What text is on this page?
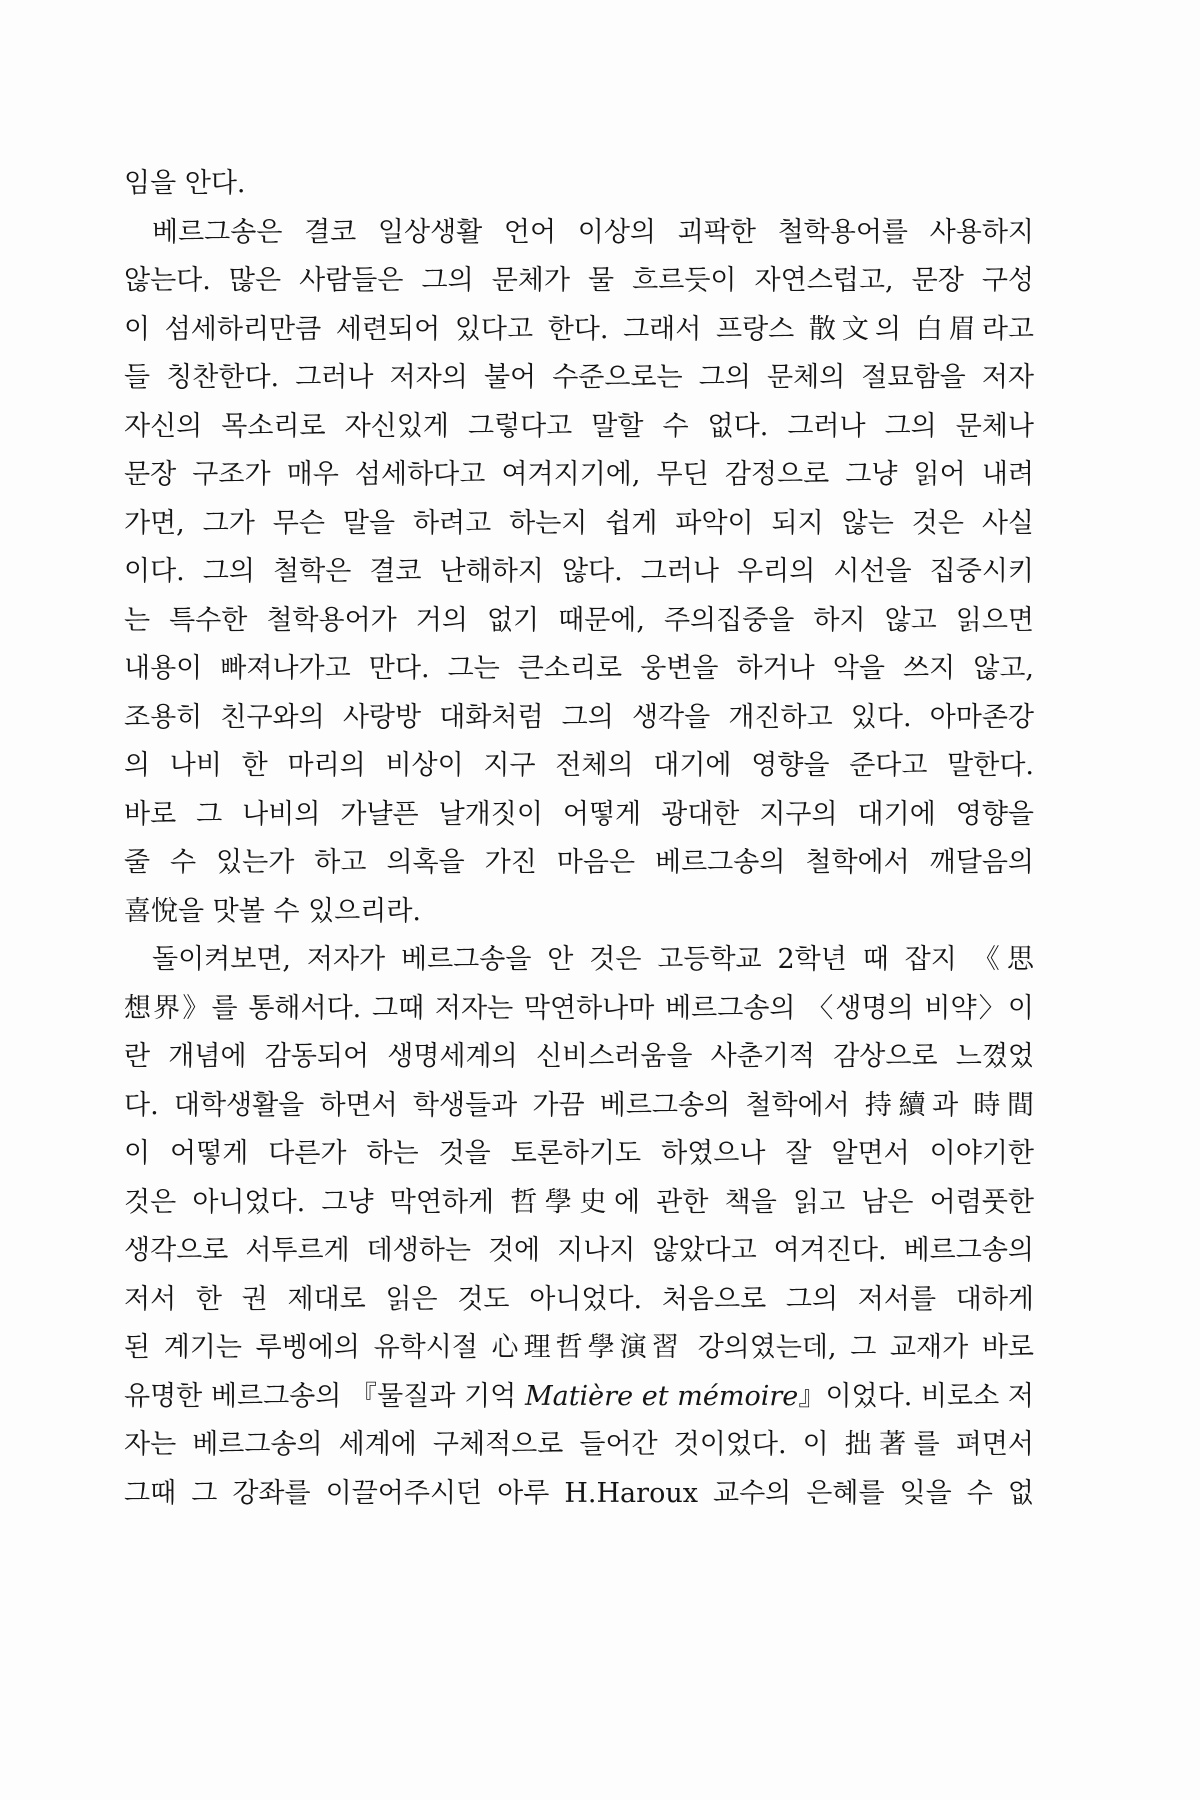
임을 안다.
베르그송은 결코 일상생활 언어 이상의 괴팍한 철학용어를 사용하지
않는다. 많은 사람들은 그의 문체가 물 흐르듯이 자연스럽고, 문장 구성
이 섬세하리만큼 세련되어 있다고 한다. 그래서 프랑스 散文의 白眉라고
들 칭찬한다. 그러나 저자의 불어 수준으로는 그의 문체의 절묘함을 저자
자신의 목소리로 자신있게 그렇다고 말할 수 없다. 그러나 그의 문체나
문장 구조가 매우 섬세하다고 여겨지기에, 무딘 감정으로 그냥 읽어 내려
가면, 그가 무슨 말을 하려고 하는지 쉽게 파악이 되지 않는 것은 사실
이다. 그의 철학은 결코 난해하지 않다. 그러나 우리의 시선을 집중시키
는 특수한 철학용어가 거의 없기 때문에, 주의집중을 하지 않고 읽으면
내용이 빠져나가고 만다. 그는 큰소리로 웅변을 하거나 악을 쓰지 않고,
조용히 친구와의 사랑방 대화처럼 그의 생각을 개진하고 있다. 아마존강
의 나비 한 마리의 비상이 지구 전체의 대기에 영향을 준다고 말한다.
바로 그 나비의 가냘픈 날개짓이 어떻게 광대한 지구의 대기에 영향을
줄 수 있는가 하고 의혹을 가진 마음은 베르그송의 철학에서 깨달음의
喜悅을 맛볼 수 있으리라.
돌이켜보면, 저자가 베르그송을 안 것은 고등학교 2학년 때 잡지 《思
想界》를 통해서다. 그때 저자는 막연하나마 베르그송의 〈생명의 비약〉이
란 개념에 감동되어 생명세계의 신비스러움을 사춘기적 감상으로 느꼈었
다. 대학생활을 하면서 학생들과 가끔 베르그송의 철학에서 持續과 時間
이 어떻게 다른가 하는 것을 토론하기도 하였으나 잘 알면서 이야기한
것은 아니었다. 그냥 막연하게 哲學史에 관한 책을 읽고 남은 어렴풋한
생각으로 서투르게 데생하는 것에 지나지 않았다고 여겨진다. 베르그송의
저서 한 권 제대로 읽은 것도 아니었다. 처음으로 그의 저서를 대하게
된 계기는 루벵에의 유학시절 心理哲學演習 강의였는데, 그 교재가 바로
유명한 베르그송의 『물질과 기억 Matière et mémoire』이었다. 비로소 저
자는 베르그송의 세계에 구체적으로 들어간 것이었다. 이 拙著를 펴면서
그때 그 강좌를 이끌어주시던 아루 H.Haroux 교수의 은혜를 잊을 수 없
